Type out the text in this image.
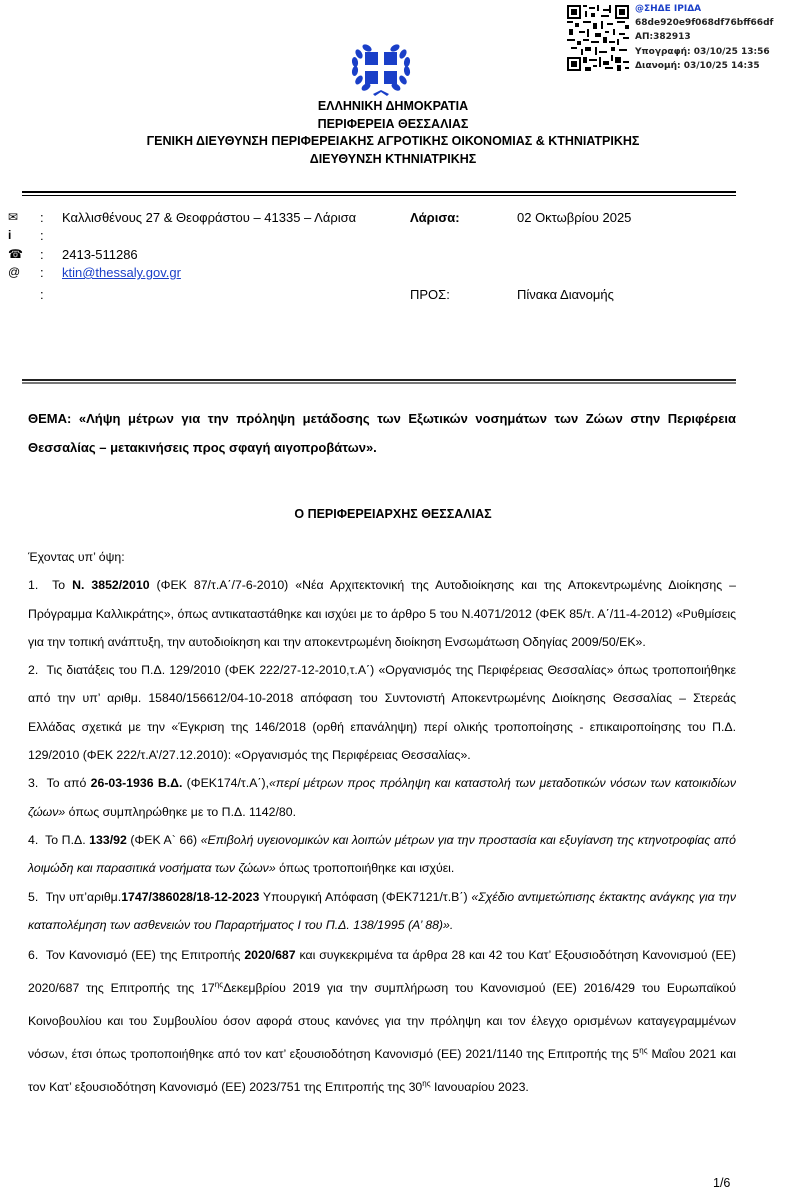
@ΣΗΔΕ ΙΡΙΔΑ
68de920e9f068df76bff66df
ΑΠ:382913
Υπογραφή: 03/10/25 13:56
Διανομή: 03/10/25 14:35
ΕΛΛΗΝΙΚΗ ΔΗΜΟΚΡΑΤΙΑ
ΠΕΡΙΦΕΡΕΙΑ ΘΕΣΣΑΛΙΑΣ
ΓΕΝΙΚΗ ΔΙΕΥΘΥΝΣΗ ΠΕΡΙΦΕΡΕΙΑΚΗΣ ΑΓΡΟΤΙΚΗΣ ΟΙΚΟΝΟΜΙΑΣ & ΚΤΗΝΙΑΤΡΙΚΗΣ
ΔΙΕΥΘΥΝΣΗ ΚΤΗΝΙΑΤΡΙΚΗΣ
✉	: Καλλισθένους 27 & Θεοφράστου – 41335 – Λάρισα
i	:
☎ : 2413-511286
@	: ktin@thessaly.gov.gr
:
Λάρισα:	02 Οκτωβρίου 2025
ΠΡΟΣ:	Πίνακα Διανομής
ΘΕΜΑ: «Λήψη μέτρων για την πρόληψη μετάδοσης των Εξωτικών νοσημάτων των Ζώων στην Περιφέρεια Θεσσαλίας – μετακινήσεις προς σφαγή αιγοπροβάτων».
Ο ΠΕΡΙΦΕΡΕΙΑΡΧΗΣ ΘΕΣΣΑΛΙΑΣ

Έχοντας υπ’ όψη:

1. Το Ν. 3852/2010 (ΦΕΚ 87/τ.Α΄/7-6-2010) «Νέα Αρχιτεκτονική της Αυτοδιοίκησης και της Αποκεντρωμένης Διοίκησης – Πρόγραμμα Καλλικράτης», όπως αντικαταστάθηκε και ισχύει με το άρθρο 5 του Ν.4071/2012 (ΦΕΚ 85/τ. Α΄/11-4-2012) «Ρυθμίσεις για την τοπική ανάπτυξη, την αυτοδιοίκηση και την αποκεντρωμένη διοίκηση Ενσωμάτωση Οδηγίας 2009/50/ΕΚ».

2. Τις διατάξεις του Π.Δ. 129/2010 (ΦΕΚ 222/27-12-2010,τ.Α΄) «Οργανισμός της Περιφέρειας Θεσσαλίας» όπως τροποποιήθηκε από την υπ’ αριθμ. 15840/156612/04-10-2018 απόφαση του Συντονιστή Αποκεντρωμένης Διοίκησης Θεσσαλίας – Στερεάς Ελλάδας σχετικά με την «Έγκριση της 146/2018 (ορθή επανάληψη) περί ολικής τροποποίησης - επικαιροποίησης του Π.Δ. 129/2010 (ΦΕΚ 222/τ.Α’/27.12.2010): «Οργανισμός της Περιφέρειας Θεσσαλίας».

3. Το από 26-03-1936 Β.Δ. (ΦΕΚ174/τ.Α΄),«περί μέτρων προς πρόληψη και καταστολή των μεταδοτικών νόσων των κατοικιδίων ζώων» όπως συμπληρώθηκε με το Π.Δ. 1142/80.

4. Το Π.Δ. 133/92 (ΦΕΚ Α` 66) «Επιβολή υγειονομικών και λοιπών μέτρων για την προστασία και εξυγίανση της κτηνοτροφίας από λοιμώδη και παρασιτικά νοσήματα των ζώων» όπως τροποποιήθηκε και ισχύει.

5. Την υπ’αριθμ.1747/386028/18-12-2023 Υπουργική Απόφαση (ΦΕΚ7121/τ.Β΄) «Σχέδιο αντιμετώπισης έκτακτης ανάγκης για την καταπολέμηση των ασθενειών του Παραρτήματος Ι του Π.Δ. 138/1995 (Α’ 88)».

6. Τον Κανονισμό (ΕΕ) της Επιτροπής 2020/687 και συγκεκριμένα τα άρθρα 28 και 42 του Κατ’ Εξουσιοδότηση Κανονισμού (ΕΕ) 2020/687 της Επιτροπής της $17^{\eta\varsigma}\Delta\varepsilon\kappa\varepsilon\mu\beta\rho ίo\upsilon$ 2019 για την συμπλήρωση του Κανονισμού (ΕΕ) 2016/429 του Ευρωπαϊκού Κοινοβουλίου και του Συμβουλίου όσον αφορά στους κανόνες για την πρόληψη και τον έλεγχο ορισμένων καταγεγραμμένων νόσων, έτσι όπως τροποποιήθηκε από τον κατ’ εξουσιοδότηση Κανονισμό (ΕΕ) 2021/1140 της Επιτροπής της $5^{\eta\varsigma}$ Μαΐου 2021 και τον Κατ’ εξουσιοδότηση Κανονισμό (ΕΕ) 2023/751 της Επιτροπής της $30^{\eta\varsigma}$ Ιανουαρίου 2023.

1/6
